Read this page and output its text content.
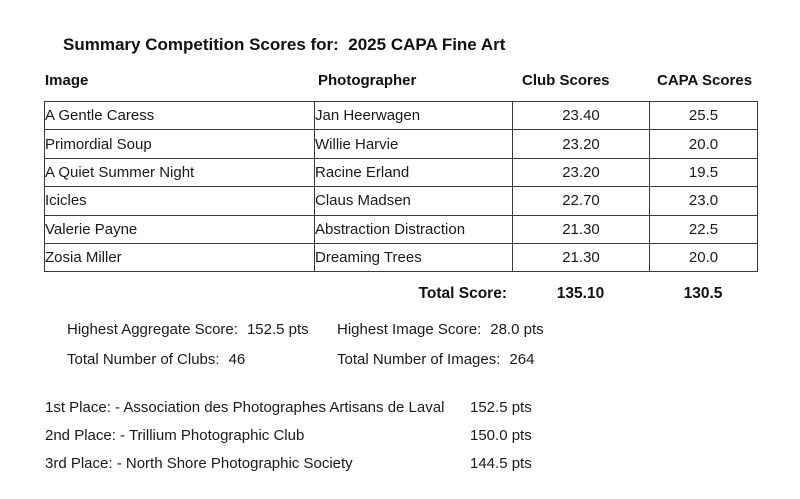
Summary Competition Scores for:  2025 CAPA Fine Art
Image	Photographer	Club Scores	CAPA Scores
A Gentle Caress	Jan Heerwagen	23.40	25.5
Primordial Soup	Willie Harvie	23.20	20.0
A Quiet Summer Night	Racine Erland	23.20	19.5
Icicles	Claus Madsen	22.70	23.0
Valerie Payne	Abstraction Distraction	21.30	22.5
Zosia Miller	Dreaming Trees	21.30	20.0
Total Score:	135.10	130.5
Highest Aggregate Score: 152.5 pts Highest Image Score: 28.0 pts
Total Number of Clubs: 46	Total Number of Images: 264
1st Place: - Association des Photographes Artisans de Laval 152.5 pts
2nd Place: - Trillium Photographic Club	150.0 pts
3rd Place: - North Shore Photographic Society	144.5 pts
